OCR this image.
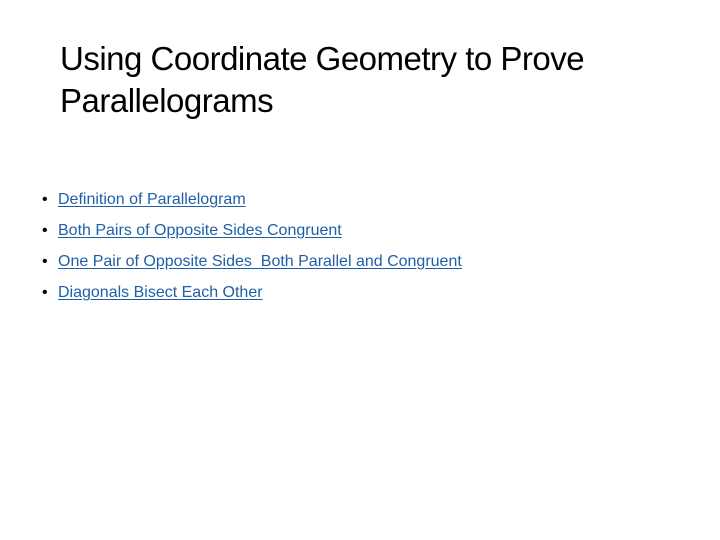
Using Coordinate Geometry to Prove
Parallelograms
• Definition of Parallelogram
• Both Pairs of Opposite Sides Congruent
• One Pair of Opposite Sides  Both Parallel and Congruent
• Diagonals Bisect Each Other
